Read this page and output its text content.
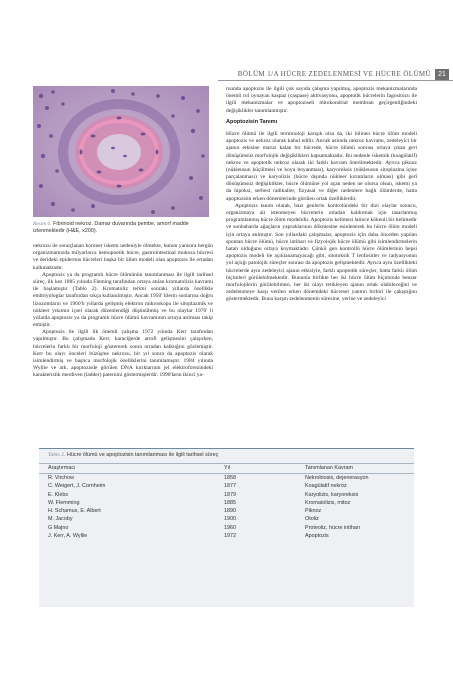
BÖLÜM 1/A HÜCRE ZEDELENMESİ VE HÜCRE ÖLÜMÜ	21
Resim 6. Fibrinoid nekroz. Damar duvarında pembe, amorf madde izlenmektedir (H&E, x200).

nekrozu ile sonuçlanan koroner iskemi nedeniyle ölmekte, bunun yanısıra hergün organizmamızda milyarlarca hemopoetik hücre, gastrointestinal mukoza hücresi ve derideki epidermis hücreleri başka bir ölüm modeli olan apoptozis ile ortadan kalkmaktadır.

Apoptozis ya da programlı hücre ölümünün tanımlanması ile ilgili tarihsel süreç, ilk kez 1885 yılında Fleming tarafından ortaya atılan kromatolizis kavramı ile başlamıştır (Tablo 2). Kromatoliz terimi sonraki yıllarda özellikle embriyologlar tarafından sıkça kullanılmıştır. Ancak 1950' lilerin sonlarına doğru lizozomların ve 1960'lı yıllarda gelişmiş elektron mikroskopu ile sitoplazmik ve nükleer yıkımın içsel olarak düzenlendiği düşünülmüş ve bu olaylar 1970' li yıllarda apoptozis ya da programlı hücre ölümü kavramının ortaya atılması takip etmiştir.

Apoptozis ile ilgili ilk önemli çalışma 1972 yılında Kerr tarafından yapılmıştır. Bu çalışmada Kerr, karaciğerde atrofi gelişmesini çalışırken, hücrelerin farklı bir morfoloji göstererek sonra ortadan kalktığını gözlemiştir. Kerr bu olayı önceleri büzüşme nekrozu, bir yıl sonra da apoptozis olarak isimlendirmiş ve başlıca morfolojik özelliklerini tanımlamıştır. 1984 yılında Wyllie ve ark. apoptozisde görülen DNA kırıklarının jel elektroforezindeki karakteristik merdiven (ladder) paternini göstermişlerdir. 1990'ların ikinci ya-

rısında apoptozis ile ilgili çok sayıda çalışma yapılmış, apoptozis mekanizmalarında önemli rol oynayan kaspaz (caspase) aktivasyonu, apoptotik hücrelerin fagositozu ile ilgili mekanizmalar ve apoptoziseli mitokondrial membran geçirgenliğindeki değişiklikler tanımlanmıştır.

Apoptozisin Tanımı

Hücre ölümü ile ilgili terminoloji karışık olsa da, iki bilinen hücre ölüm modeli apoptozis ve nekroz olarak kabul edilir. Ancak aslında nekroz kavramı, zedeleyici bir ajanın etkisine maruz kalan bir hücrede, hücre ölümü sonrası ortaya çıkan geri dönüşümsüz morfolojik değişiklikleri kapsamaktadır. Bu nedenle iskemik (koagülatif) nekroz ve apoptotik nekroz olarak iki farklı kavram önerilmektedir. Ayrıca piknoz (nükleusun küçülmesi ve koyu boyanması), karyoreksis (nükleusun sitoplazma içine parçalanması) ve karyolizis (hücre dışında nükleer kırıntıların olması) gibi gerî dönüşümsüz değişiklikler, hücre ölümüne yol açan neden ne olursa olsun, iskemi ya da hipoksi, serbest radikaller, fizyasal ve diğer nedenlere bağlı ölümlerde, hatta apoptozisin erken dönemlerinde görülen ortak özelliklerdir.

Apoptozis tanım olarak, bazı genlerin kontrolündeki bir dizi olaylar sonucu, organizmaya ait istenmeyen hücrelerin ortadan kaldırmak için tasarlanmış programlanmış hücre ölüm modelidir. Apoptozis kelimesi latince kökenli bir kelimedir ve sonbaharda ağaçların yapraklarının dökmesine esinlenerek bu hücre ölüm modeli için ortaya atılmıştır. Son yıllardaki çalışmalar, apoptozis için daha önceden yapılan spontan hücre ölümü, hücre intiharı ve fizyolojik hücre ölümü gibi isimlendirmelerin hatalı olduğunu ortaya koymaktadır. Çünkü gen kontrollü hücre ölümlerinin hepsi apoptozis modeli ile açıklanamayacağı gibi, sitotoksik T lenfositler ve radyasyonun yol açtığı patolojik süreçler sonrası da apoptozis gelişmektedir. Ayrıca aynı özellikteki hücrelerde aynı zedeleyici ajanın etkisiyle, farklı apoptotik süreçler, hatta farklı ölüm biçimleri görülebilmektedir. Bununla birlikte her iki hücre ölüm biçiminde benzer morfolojilerin görülebilmesi, her iki olayı tetikleyen ajanın ortak olabileceğini ve zedelenmeye karşı verilen erken dönemdeki hücresel yanıtın birbiri ile çakıştığını göstermektedir. Buna karşın zedelenmenin süresine, yerine ve zedeleyici

Tablo 2. Hücre ölümü ve apoptozisin tanımlanması ile ilgili tarihsel süreç
Araştırmacı	Yıl	Tanımlanan Kavram
R. Virchow	1858	Nekrobiosis, dejenerasyon
C. Weigert, J. Cornheim	1877	Koagülatif nekroz
E. Klebs	1879	Karyolizis, karyoreksis
W. Flemming	1885	Kromatolizis, mitoz
H. Schamus, E. Albert	1890	Piknoz
M. Jacoby	1900	Otoliz
G Majno	1960	Proteoliz, hücre intiharı
J. Kerr, A. Wyllie	1972	Apoptozis
